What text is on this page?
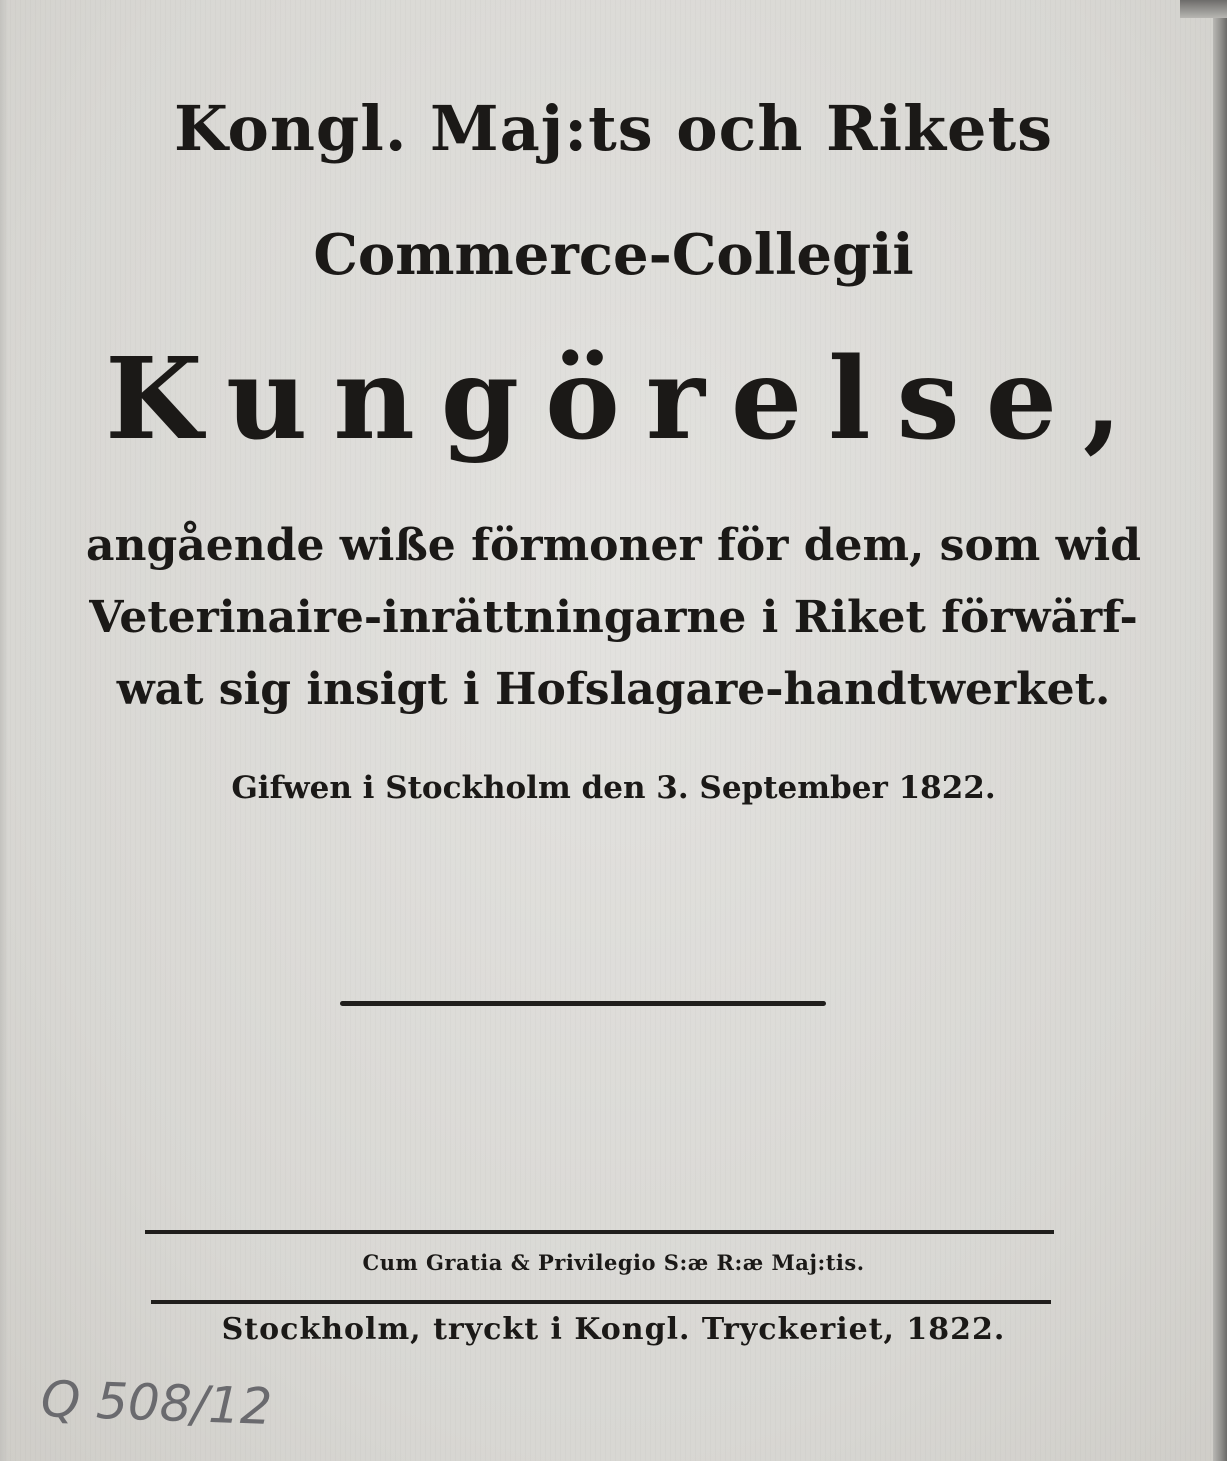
Kongl. Maj:ts och Rikets
Commerce-Collegii
Kungörelse,
angående wiße förmoner för dem, som wid
Veterinaire-inrättningarne i Riket förwärf-
wat sig insigt i Hofslagare-handtwerket.
Gifwen i Stockholm den 3. September 1822.
Cum Gratia & Privilegio S:æ R:æ Maj:tis.
Stockholm, tryckt i Kongl. Tryckeriet, 1822.
Q 508/12
